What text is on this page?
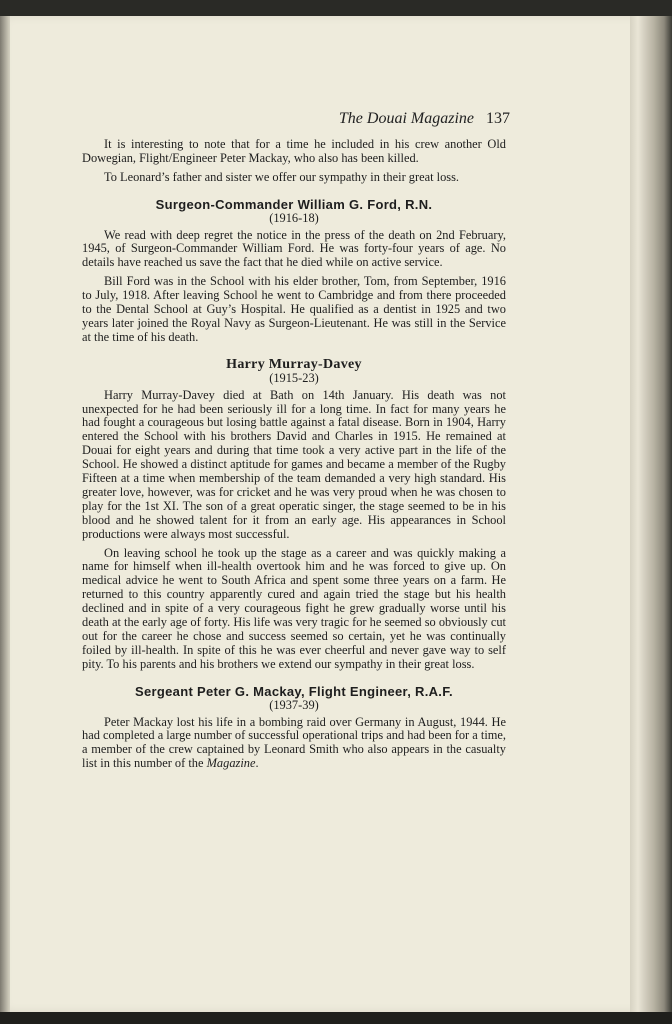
The Douai Magazine 137

It is interesting to note that for a time he included in his crew another Old Dowegian, Flight/Engineer Peter Mackay, who also has been killed.

To Leonard’s father and sister we offer our sympathy in their great loss.

Surgeon-Commander William G. Ford, R.N.
(1916-18)

We read with deep regret the notice in the press of the death on 2nd February, 1945, of Surgeon-Commander William Ford. He was forty-four years of age. No details have reached us save the fact that he died while on active service.

Bill Ford was in the School with his elder brother, Tom, from September, 1916 to July, 1918. After leaving School he went to Cambridge and from there proceeded to the Dental School at Guy’s Hospital. He qualified as a dentist in 1925 and two years later joined the Royal Navy as Surgeon-Lieutenant. He was still in the Service at the time of his death.

Harry Murray-Davey
(1915-23)

Harry Murray-Davey died at Bath on 14th January. His death was not unexpected for he had been seriously ill for a long time. In fact for many years he had fought a courageous but losing battle against a fatal disease. Born in 1904, Harry entered the School with his brothers David and Charles in 1915. He remained at Douai for eight years and during that time took a very active part in the life of the School. He showed a distinct aptitude for games and became a member of the Rugby Fifteen at a time when membership of the team demanded a very high standard. His greater love, however, was for cricket and he was very proud when he was chosen to play for the 1st XI. The son of a great operatic singer, the stage seemed to be in his blood and he showed talent for it from an early age. His appearances in School productions were always most successful.

On leaving school he took up the stage as a career and was quickly making a name for himself when ill-health overtook him and he was forced to give up. On medical advice he went to South Africa and spent some three years on a farm. He returned to this country apparently cured and again tried the stage but his health declined and in spite of a very courageous fight he grew gradually worse until his death at the early age of forty. His life was very tragic for he seemed so obviously cut out for the career he chose and success seemed so certain, yet he was continually foiled by ill-health. In spite of this he was ever cheerful and never gave way to self pity. To his parents and his brothers we extend our sympathy in their great loss.

Sergeant Peter G. Mackay, Flight Engineer, R.A.F.
(1937-39)

Peter Mackay lost his life in a bombing raid over Germany in August, 1944. He had completed a large number of successful operational trips and had been for a time, a member of the crew captained by Leonard Smith who also appears in the casualty list in this number of the Magazine.
